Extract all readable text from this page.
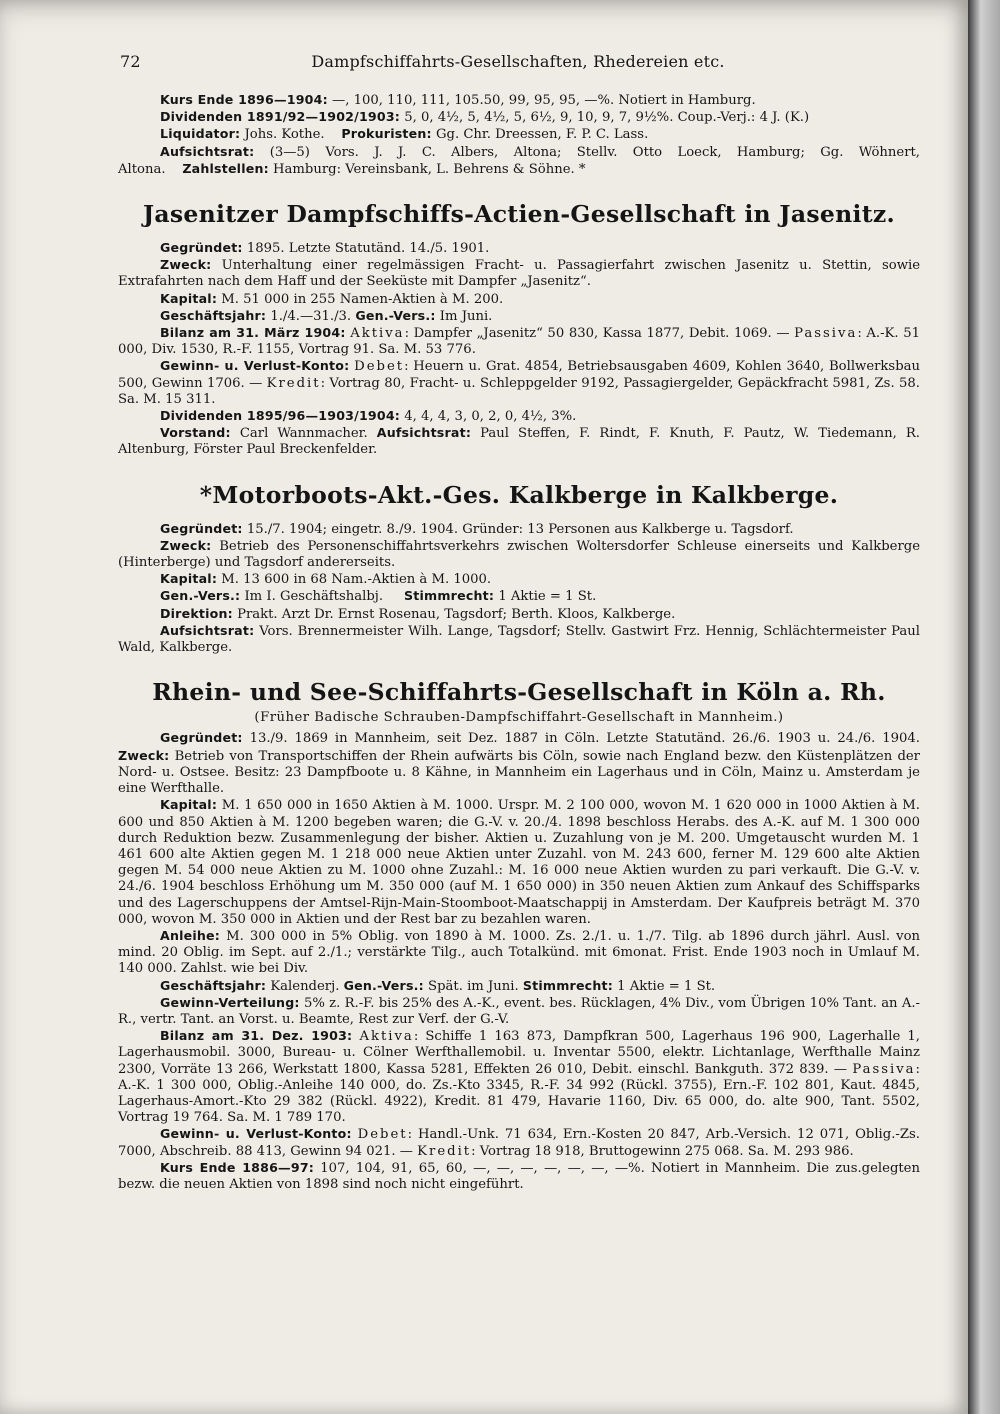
72	Dampfschiffahrts-Gesellschaften, Rhedereien etc.

Kurs Ende 1896—1904: —, 100, 110, 111, 105.50, 99, 95, 95, —%. Notiert in Hamburg.

Dividenden 1891/92—1902/1903: 5, 0, 4½, 5, 4½, 5, 6½, 9, 10, 9, 7, 9½%. Coup.-Verj.: 4 J. (K.)

Liquidator: Johs. Kothe. Prokuristen: Gg. Chr. Dreessen, F. P. C. Lass.

Aufsichtsrat: (3—5) Vors. J. J. C. Albers, Altona; Stellv. Otto Loeck, Hamburg; Gg. Wöhnert, Altona. Zahlstellen: Hamburg: Vereinsbank, L. Behrens & Söhne. *

Jasenitzer Dampfschiffs-Actien-Gesellschaft in Jasenitz.

Gegründet: 1895. Letzte Statutänd. 14./5. 1901.

Zweck: Unterhaltung einer regelmässigen Fracht- u. Passagierfahrt zwischen Jasenitz u. Stettin, sowie Extrafahrten nach dem Haff und der Seeküste mit Dampfer „Jasenitz“.

Kapital: M. 51 000 in 255 Namen-Aktien à M. 200.

Geschäftsjahr: 1./4.—31./3. Gen.-Vers.: Im Juni.

Bilanz am 31. März 1904: Aktiva: Dampfer „Jasenitz“ 50 830, Kassa 1877, Debit. 1069. — Passiva: A.-K. 51 000, Div. 1530, R.-F. 1155, Vortrag 91. Sa. M. 53 776.

Gewinn- u. Verlust-Konto: Debet: Heuern u. Grat. 4854, Betriebsausgaben 4609, Kohlen 3640, Bollwerksbau 500, Gewinn 1706. — Kredit: Vortrag 80, Fracht- u. Schleppgelder 9192, Passagiergelder, Gepäckfracht 5981, Zs. 58. Sa. M. 15 311.

Dividenden 1895/96—1903/1904: 4, 4, 4, 3, 0, 2, 0, 4½, 3%.

Vorstand: Carl Wannmacher. Aufsichtsrat: Paul Steffen, F. Rindt, F. Knuth, F. Pautz, W. Tiedemann, R. Altenburg, Förster Paul Breckenfelder.

*Motorboots-Akt.-Ges. Kalkberge in Kalkberge.

Gegründet: 15./7. 1904; eingetr. 8./9. 1904. Gründer: 13 Personen aus Kalkberge u. Tagsdorf.

Zweck: Betrieb des Personenschiffahrtsverkehrs zwischen Woltersdorfer Schleuse einerseits und Kalkberge (Hinterberge) und Tagsdorf andererseits.

Kapital: M. 13 600 in 68 Nam.-Aktien à M. 1000.

Gen.-Vers.: Im I. Geschäftshalbj.     Stimmrecht: 1 Aktie = 1 St.

Direktion: Prakt. Arzt Dr. Ernst Rosenau, Tagsdorf; Berth. Kloos, Kalkberge.

Aufsichtsrat: Vors. Brennermeister Wilh. Lange, Tagsdorf; Stellv. Gastwirt Frz. Hennig, Schlächtermeister Paul Wald, Kalkberge.

Rhein- und See-Schiffahrts-Gesellschaft in Köln a. Rh.
(Früher Badische Schrauben-Dampfschiffahrt-Gesellschaft in Mannheim.)

Gegründet: 13./9. 1869 in Mannheim, seit Dez. 1887 in Cöln. Letzte Statutänd. 26./6. 1903 u. 24./6. 1904. Zweck: Betrieb von Transportschiffen der Rhein aufwärts bis Cöln, sowie nach England bezw. den Küstenplätzen der Nord- u. Ostsee. Besitz: 23 Dampfboote u. 8 Kähne, in Mannheim ein Lagerhaus und in Cöln, Mainz u. Amsterdam je eine Werfthalle.

Kapital: M. 1 650 000 in 1650 Aktien à M. 1000. Urspr. M. 2 100 000, wovon M. 1 620 000 in 1000 Aktien à M. 600 und 850 Aktien à M. 1200 begeben waren; die G.-V. v. 20./4. 1898 beschloss Herabs. des A.-K. auf M. 1 300 000 durch Reduktion bezw. Zusammenlegung der bisher. Aktien u. Zuzahlung von je M. 200. Umgetauscht wurden M. 1 461 600 alte Aktien gegen M. 1 218 000 neue Aktien unter Zuzahl. von M. 243 600, ferner M. 129 600 alte Aktien gegen M. 54 000 neue Aktien zu M. 1000 ohne Zuzahl.: M. 16 000 neue Aktien wurden zu pari verkauft. Die G.-V. v. 24./6. 1904 beschloss Erhöhung um M. 350 000 (auf M. 1 650 000) in 350 neuen Aktien zum Ankauf des Schiffsparks und des Lagerschuppens der Amtsel-Rijn-Main-Stoomboot-Maatschappij in Amsterdam. Der Kaufpreis beträgt M. 370 000, wovon M. 350 000 in Aktien und der Rest bar zu bezahlen waren.

Anleihe: M. 300 000 in 5% Oblig. von 1890 à M. 1000. Zs. 2./1. u. 1./7. Tilg. ab 1896 durch jährl. Ausl. von mind. 20 Oblig. im Sept. auf 2./1.; verstärkte Tilg., auch Totalkünd. mit 6monat. Frist. Ende 1903 noch in Umlauf M. 140 000. Zahlst. wie bei Div.

Geschäftsjahr: Kalenderj. Gen.-Vers.: Spät. im Juni. Stimmrecht: 1 Aktie = 1 St.

Gewinn-Verteilung: 5% z. R.-F. bis 25% des A.-K., event. bes. Rücklagen, 4% Div., vom Übrigen 10% Tant. an A.-R., vertr. Tant. an Vorst. u. Beamte, Rest zur Verf. der G.-V.

Bilanz am 31. Dez. 1903: Aktiva: Schiffe 1 163 873, Dampfkran 500, Lagerhaus 196 900, Lagerhalle 1, Lagerhausmobil. 3000, Bureau- u. Cölner Werfthallemobil. u. Inventar 5500, elektr. Lichtanlage, Werfthalle Mainz 2300, Vorräte 13 266, Werkstatt 1800, Kassa 5281, Effekten 26 010, Debit. einschl. Bankguth. 372 839. — Passiva: A.-K. 1 300 000, Oblig.-Anleihe 140 000, do. Zs.-Kto 3345, R.-F. 34 992 (Rückl. 3755), Ern.-F. 102 801, Kaut. 4845, Lagerhaus-Amort.-Kto 29 382 (Rückl. 4922), Kredit. 81 479, Havarie 1160, Div. 65 000, do. alte 900, Tant. 5502, Vortrag 19 764. Sa. M. 1 789 170.

Gewinn- u. Verlust-Konto: Debet: Handl.-Unk. 71 634, Ern.-Kosten 20 847, Arb.-Versich. 12 071, Oblig.-Zs. 7000, Abschreib. 88 413, Gewinn 94 021. — Kredit: Vortrag 18 918, Bruttogewinn 275 068. Sa. M. 293 986.

Kurs Ende 1886—97: 107, 104, 91, 65, 60, —, —, —, —, —, —, —%. Notiert in Mannheim. Die zus.gelegten bezw. die neuen Aktien von 1898 sind noch nicht eingeführt.
